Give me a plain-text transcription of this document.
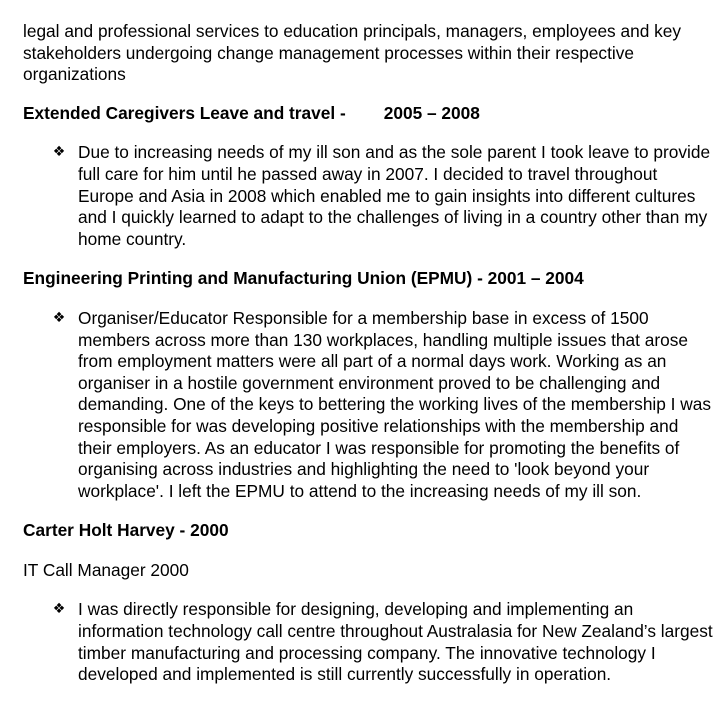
legal and professional services to education principals, managers, employees and key stakeholders undergoing change management processes within their respective organizations

Extended Caregivers Leave and travel - 2005 – 2008
❖ Due to increasing needs of my ill son and as the sole parent I took leave to provide full care for him until he passed away in 2007. I decided to travel throughout Europe and Asia in 2008 which enabled me to gain insights into different cultures and I quickly learned to adapt to the challenges of living in a country other than my home country.
Engineering Printing and Manufacturing Union (EPMU) - 2001 – 2004
❖ Organiser/Educator Responsible for a membership base in excess of 1500 members across more than 130 workplaces, handling multiple issues that arose from employment matters were all part of a normal days work. Working as an organiser in a hostile government environment proved to be challenging and demanding. One of the keys to bettering the working lives of the membership I was responsible for was developing positive relationships with the membership and their employers. As an educator I was responsible for promoting the benefits of organising across industries and highlighting the need to 'look beyond your workplace'. I left the EPMU to attend to the increasing needs of my ill son.
Carter Holt Harvey - 2000
IT Call Manager 2000
❖ I was directly responsible for designing, developing and implementing an information technology call centre throughout Australasia for New Zealand’s largest timber manufacturing and processing company. The innovative technology I developed and implemented is still currently successfully in operation.
